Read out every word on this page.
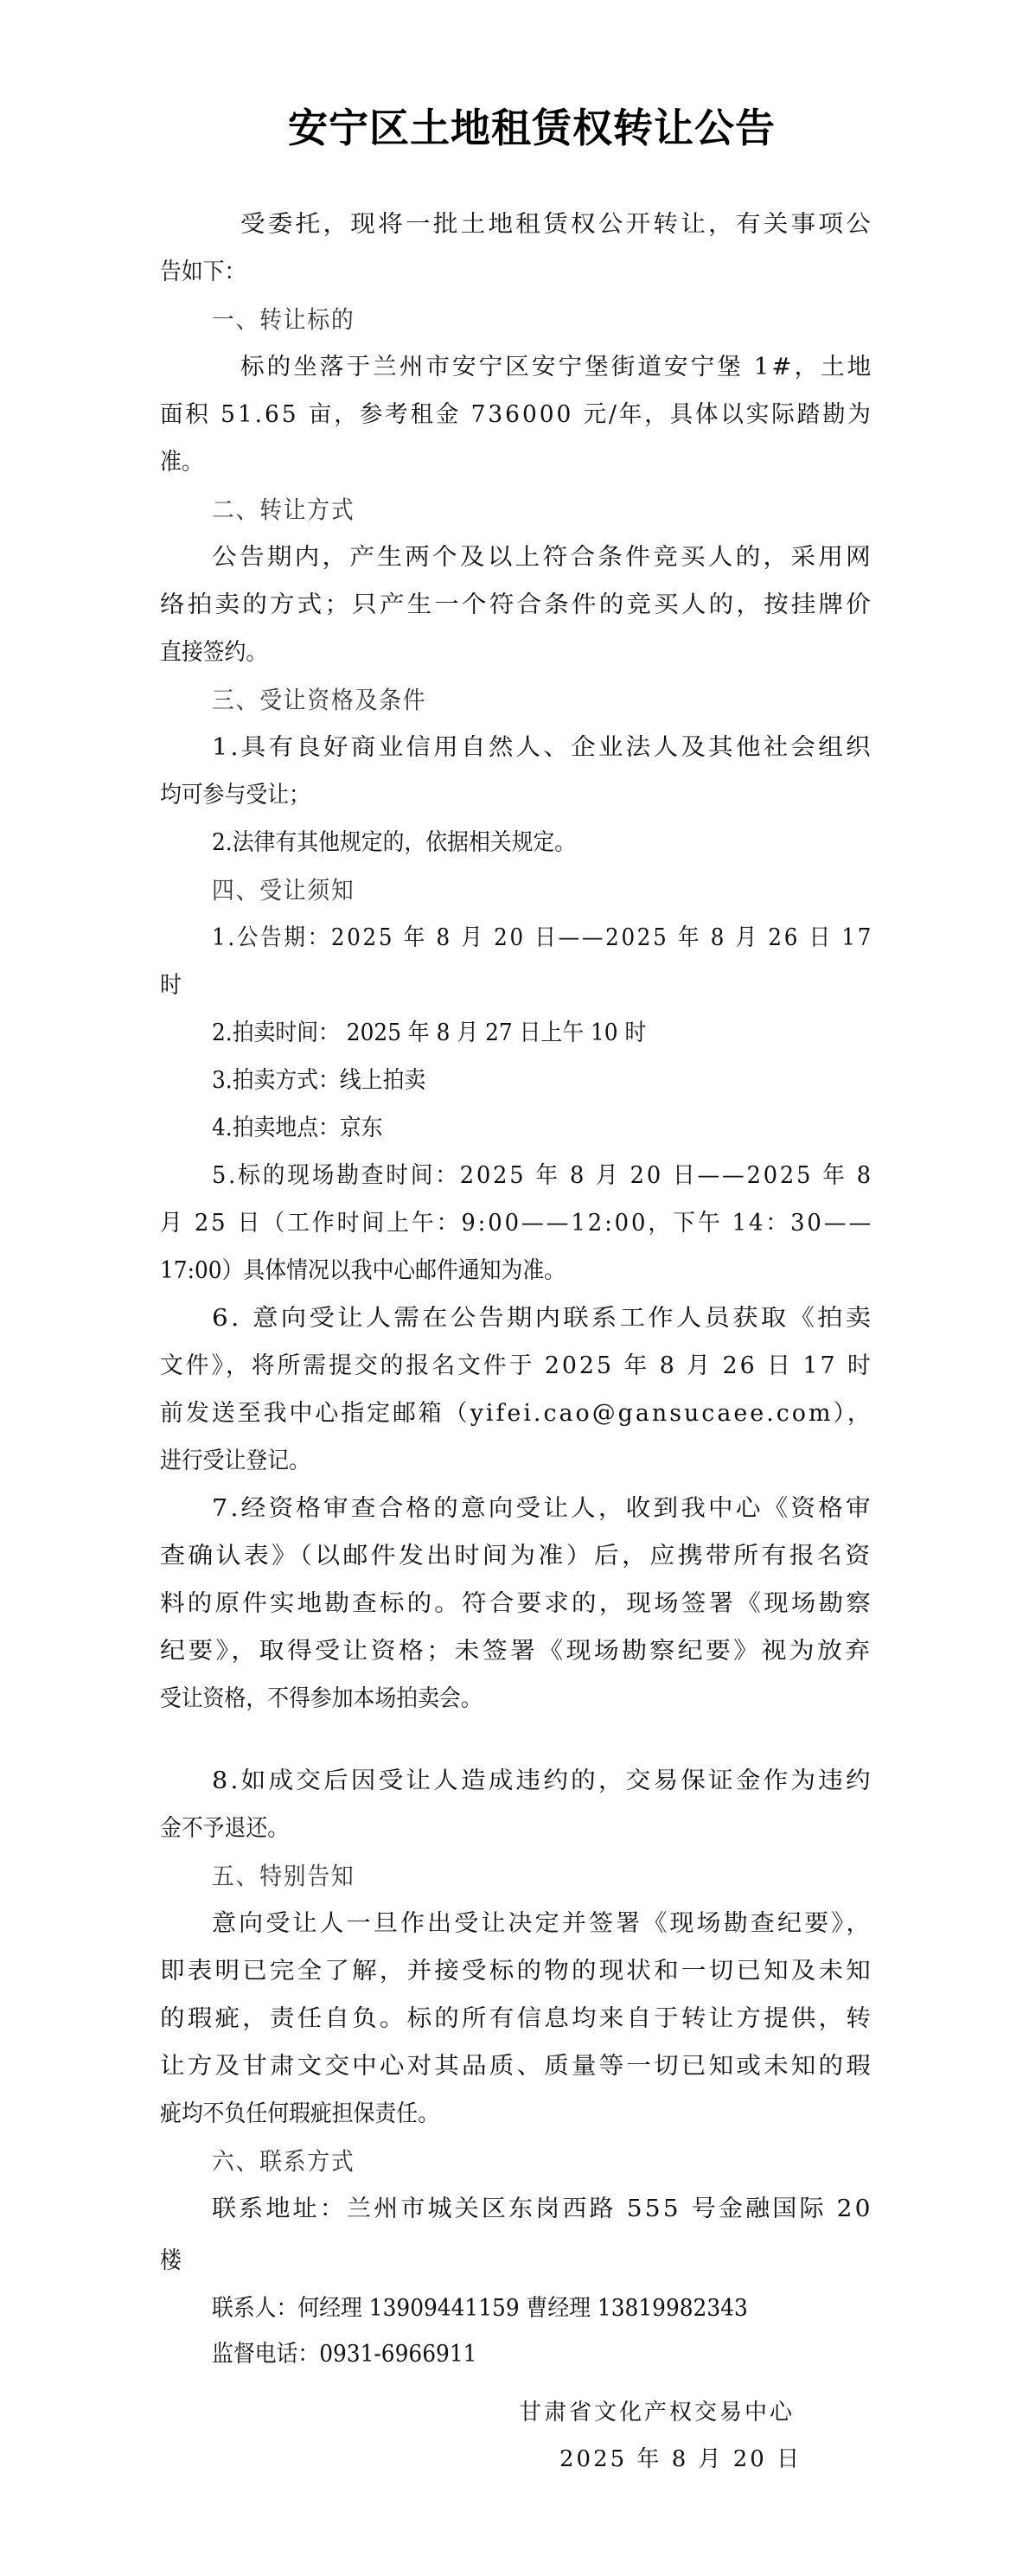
安宁区土地租赁权转让公告
受委托，现将一批土地租赁权公开转让，有关事项公
告如下：
一、转让标的
标的坐落于兰州市安宁区安宁堡街道安宁堡 1#，土地
面积 51.65 亩，参考租金 736000 元/年，具体以实际踏勘为
准。
二、转让方式
公告期内，产生两个及以上符合条件竞买人的，采用网
络拍卖的方式；只产生一个符合条件的竞买人的，按挂牌价
直接签约。
三、受让资格及条件
1.具有良好商业信用自然人、企业法人及其他社会组织
均可参与受让；
2.法律有其他规定的，依据相关规定。
四、受让须知
1.公告期：2025 年 8 月 20 日——2025 年 8 月 26 日 17
时
2.拍卖时间： 2025 年 8 月 27 日上午 10 时
3.拍卖方式：线上拍卖
4.拍卖地点：京东
5.标的现场勘查时间：2025 年 8 月 20 日——2025 年 8
月 25 日（工作时间上午：9:00——12:00，下午 14：30——
17:00）具体情况以我中心邮件通知为准。
6. 意向受让人需在公告期内联系工作人员获取《拍卖
文件》，将所需提交的报名文件于 2025 年 8 月 26 日 17 时
前发送至我中心指定邮箱（yifei.cao@gansucaee.com），
进行受让登记。
7.经资格审查合格的意向受让人，收到我中心《资格审
查确认表》（以邮件发出时间为准）后，应携带所有报名资
料的原件实地勘查标的。符合要求的，现场签署《现场勘察
纪要》，取得受让资格；未签署《现场勘察纪要》视为放弃
受让资格，不得参加本场拍卖会。
8.如成交后因受让人造成违约的，交易保证金作为违约
金不予退还。
五、特别告知
意向受让人一旦作出受让决定并签署《现场勘查纪要》，
即表明已完全了解，并接受标的物的现状和一切已知及未知
的瑕疵，责任自负。标的所有信息均来自于转让方提供，转
让方及甘肃文交中心对其品质、质量等一切已知或未知的瑕
疵均不负任何瑕疵担保责任。
六、联系方式
联系地址：兰州市城关区东岗西路 555 号金融国际 20
楼
联系人：何经理 13909441159 曹经理 13819982343
监督电话：0931-6966911
甘肃省文化产权交易中心
2025 年 8 月 20 日
